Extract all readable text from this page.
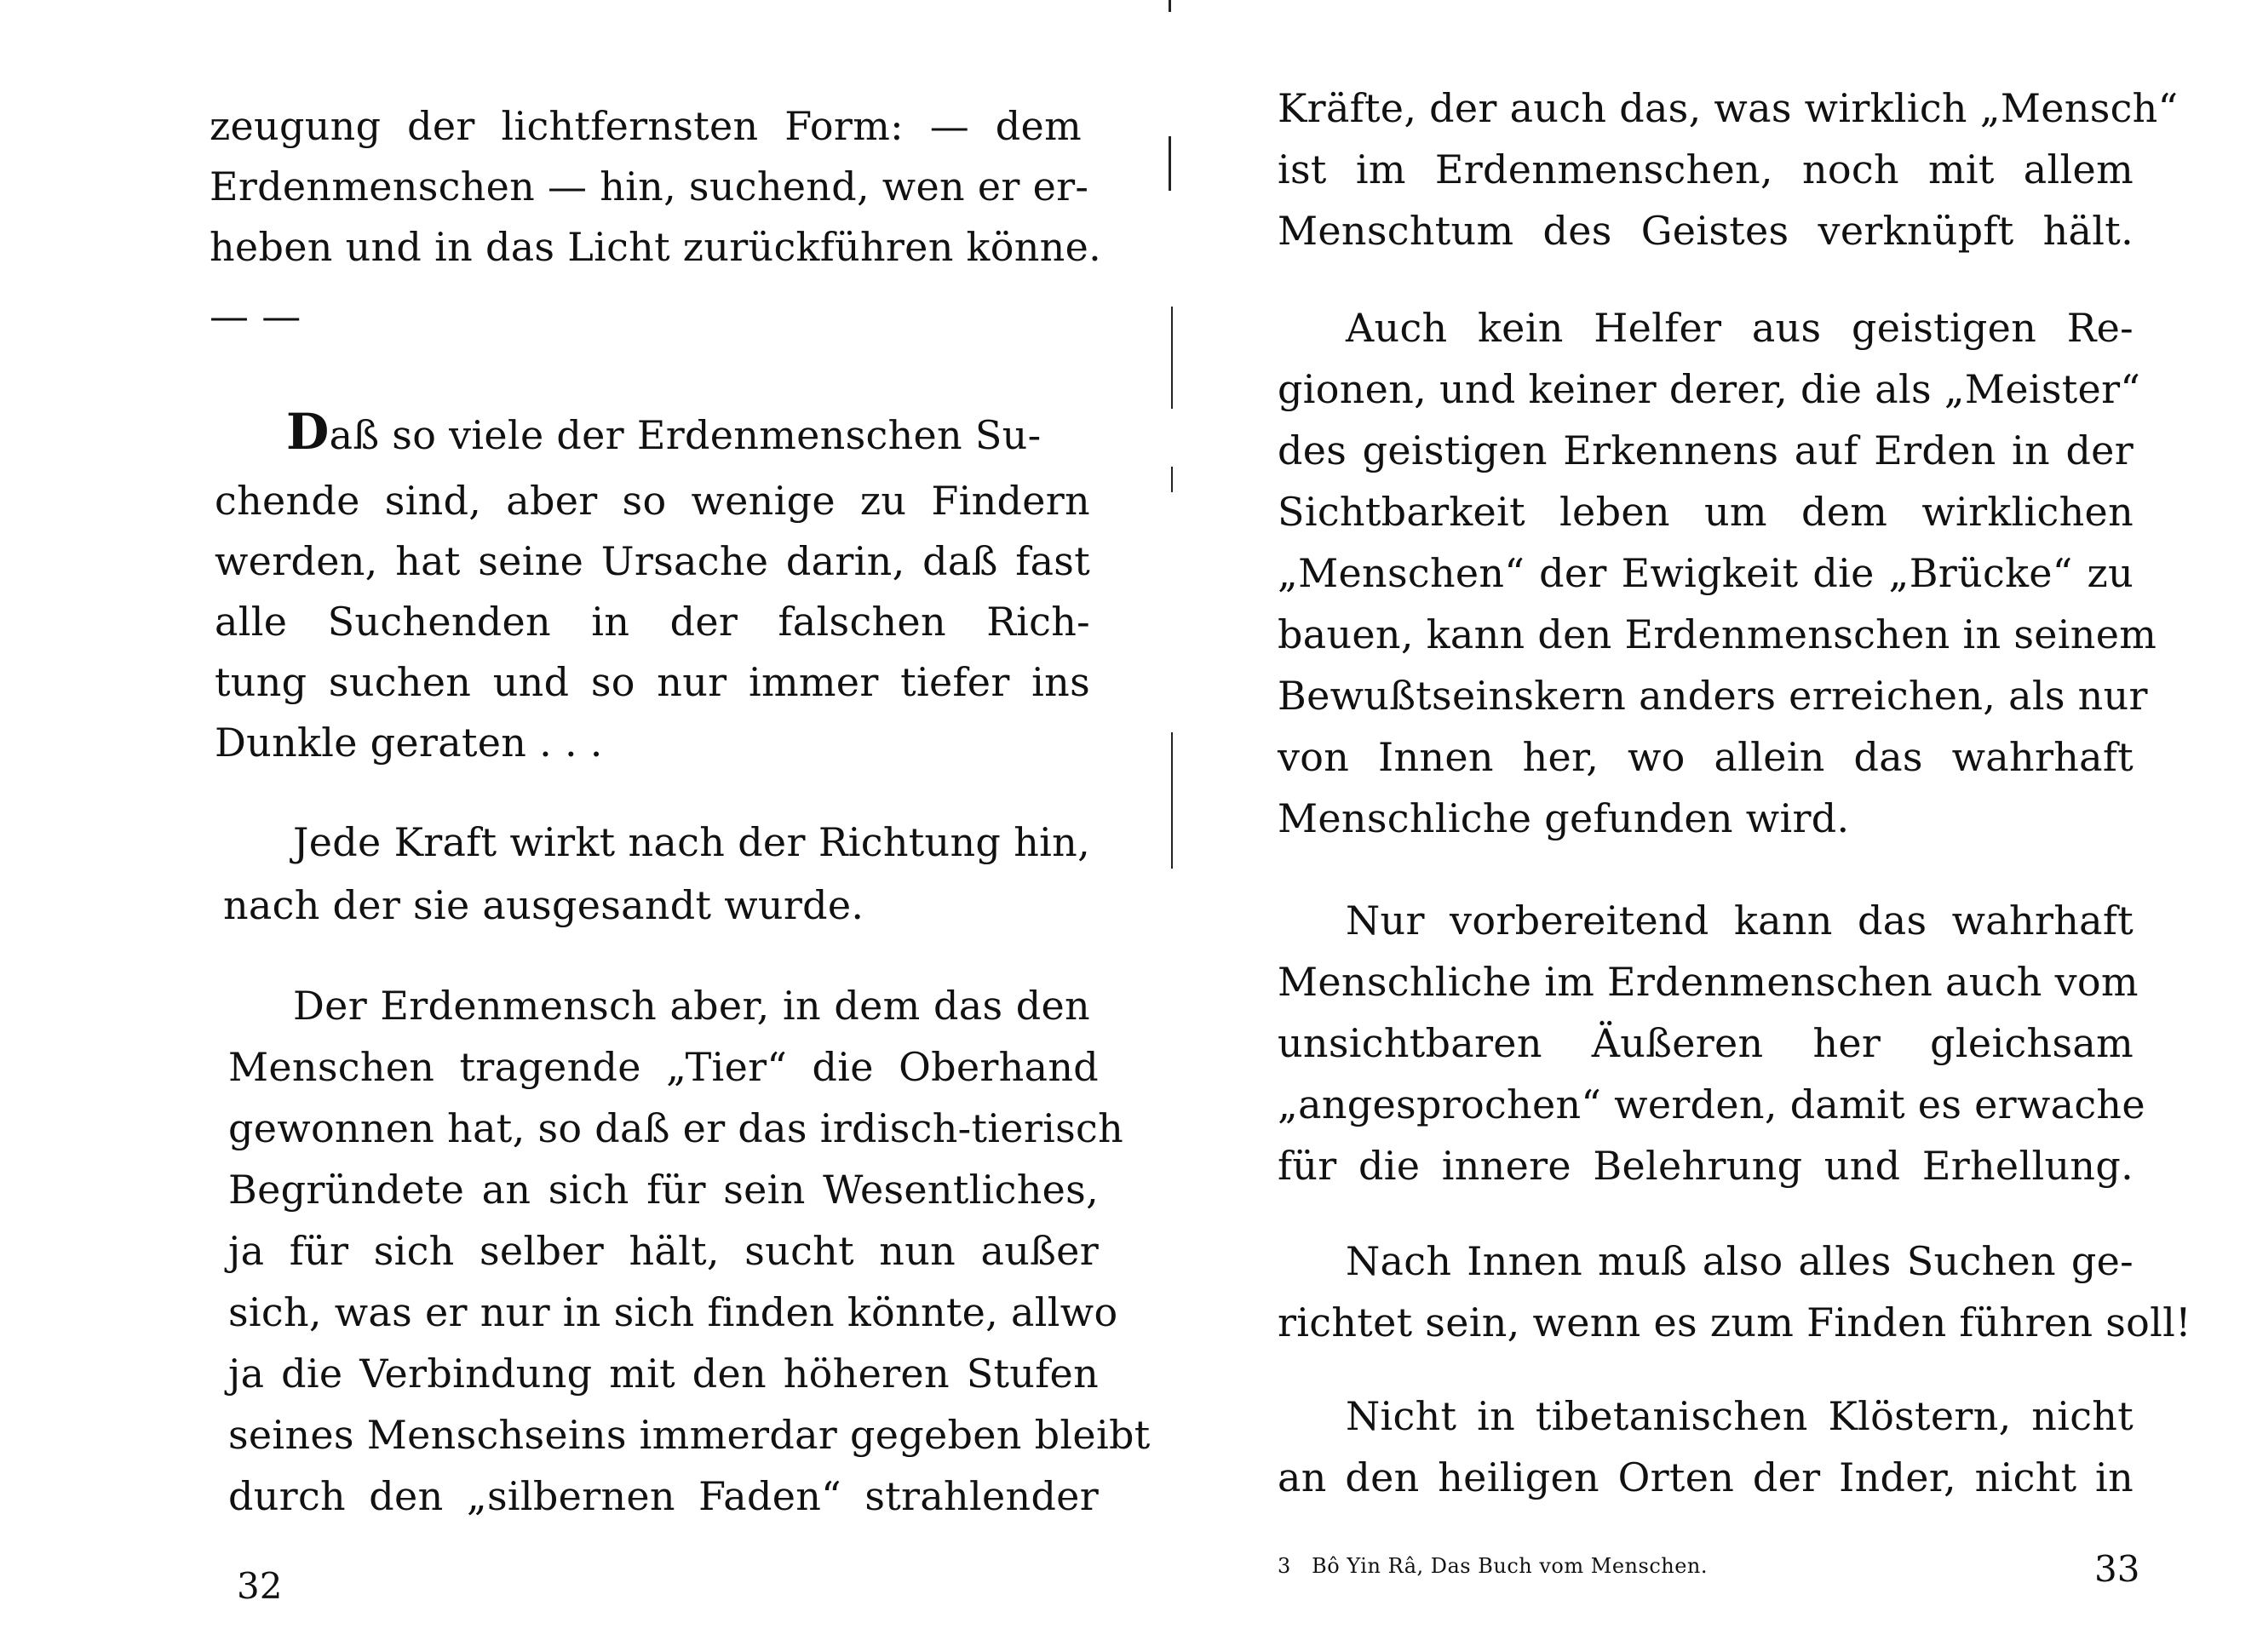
zeugung der lichtfernsten Form: — dem
Erdenmenschen — hin, suchend, wen er er-
heben und in das Licht zurückführen könne.
— —
Daß so viele der Erdenmenschen Su-
chende sind, aber so wenige zu Findern
werden, hat seine Ursache darin, daß fast
alle Suchenden in der falschen Rich-
tung suchen und so nur immer tiefer ins
Dunkle geraten . . .
Jede Kraft wirkt nach der Richtung hin,
nach der sie ausgesandt wurde.
Der Erdenmensch aber, in dem das den
Menschen tragende „Tier“ die Oberhand
gewonnen hat, so daß er das irdisch-tierisch
Begründete an sich für sein Wesentliches,
ja für sich selber hält, sucht nun außer
sich, was er nur in sich finden könnte, allwo
ja die Verbindung mit den höheren Stufen
seines Menschseins immerdar gegeben bleibt
durch den „silbernen Faden“ strahlender
32
Kräfte, der auch das, was wirklich „Mensch“
ist im Erdenmenschen, noch mit allem
Menschtum des Geistes verknüpft hält.
Auch kein Helfer aus geistigen Re-
gionen, und keiner derer, die als „Meister“
des geistigen Erkennens auf Erden in der
Sichtbarkeit leben um dem wirklichen
„Menschen“ der Ewigkeit die „Brücke“ zu
bauen, kann den Erdenmenschen in seinem
Bewußtseinskern anders erreichen, als nur
von Innen her, wo allein das wahrhaft
Menschliche gefunden wird.
Nur vorbereitend kann das wahrhaft
Menschliche im Erdenmenschen auch vom
unsichtbaren Äußeren her gleichsam
„angesprochen“ werden, damit es erwache
für die innere Belehrung und Erhellung.
Nach Innen muß also alles Suchen ge-
richtet sein, wenn es zum Finden führen soll!
Nicht in tibetanischen Klöstern, nicht
an den heiligen Orten der Inder, nicht in
3 Bô Yin Râ, Das Buch vom Menschen.	33
